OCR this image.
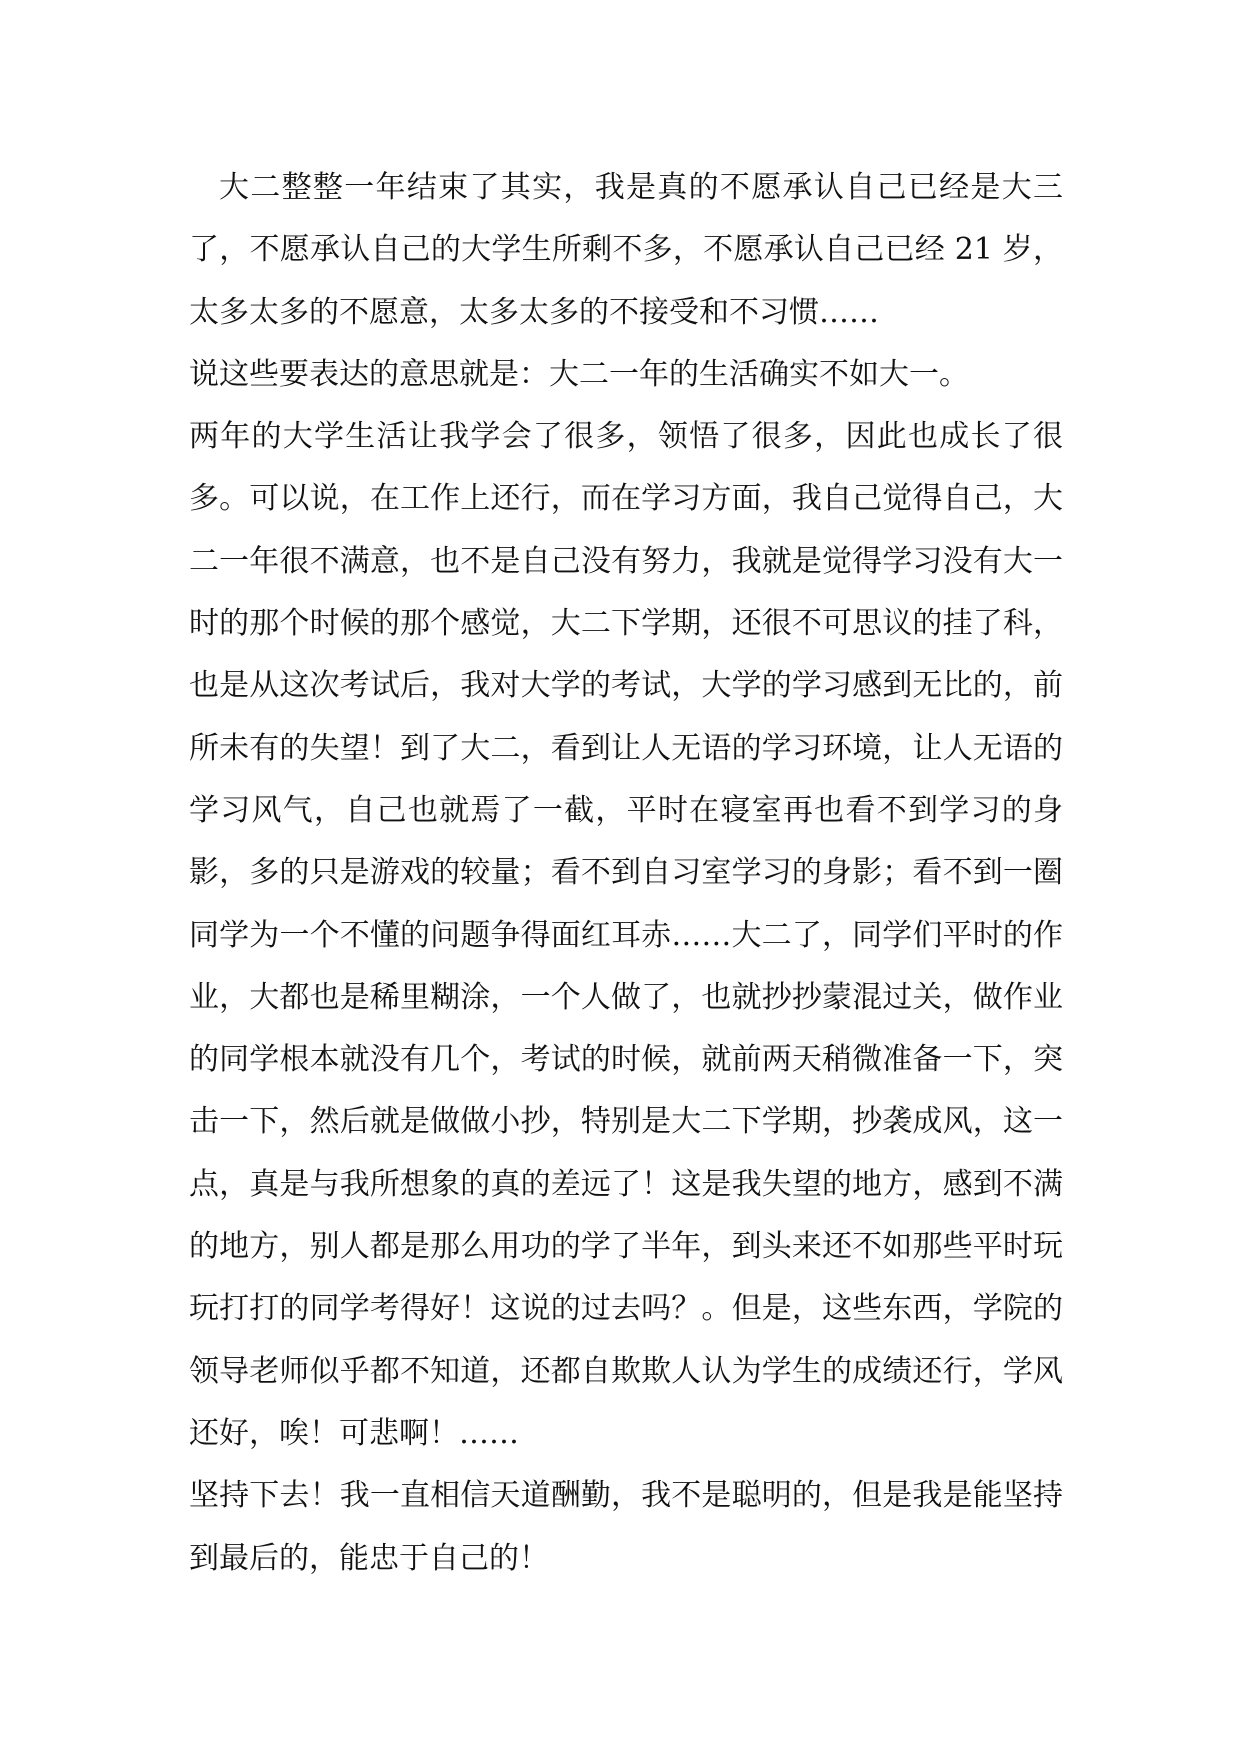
大二整整一年结束了其实，我是真的不愿承认自己已经是大三了，不愿承认自己的大学生所剩不多，不愿承认自己已经 21 岁，太多太多的不愿意，太多太多的不接受和不习惯……

说这些要表达的意思就是：大二一年的生活确实不如大一。

两年的大学生活让我学会了很多，领悟了很多，因此也成长了很多。可以说，在工作上还行，而在学习方面，我自己觉得自己，大二一年很不满意，也不是自己没有努力，我就是觉得学习没有大一时的那个时候的那个感觉，大二下学期，还很不可思议的挂了科，也是从这次考试后，我对大学的考试，大学的学习感到无比的，前所未有的失望！到了大二，看到让人无语的学习环境，让人无语的学习风气，自己也就焉了一截，平时在寝室再也看不到学习的身影，多的只是游戏的较量；看不到自习室学习的身影；看不到一圈同学为一个不懂的问题争得面红耳赤……大二了，同学们平时的作业，大都也是稀里糊涂，一个人做了，也就抄抄蒙混过关，做作业的同学根本就没有几个，考试的时候，就前两天稍微准备一下，突击一下，然后就是做做小抄，特别是大二下学期，抄袭成风，这一点，真是与我所想象的真的差远了！这是我失望的地方，感到不满的地方，别人都是那么用功的学了半年，到头来还不如那些平时玩玩打打的同学考得好！这说的过去吗？。但是，这些东西，学院的领导老师似乎都不知道，还都自欺欺人认为学生的成绩还行，学风还好，唉！可悲啊！……

坚持下去！我一直相信天道酬勤，我不是聪明的，但是我是能坚持到最后的，能忠于自己的！
